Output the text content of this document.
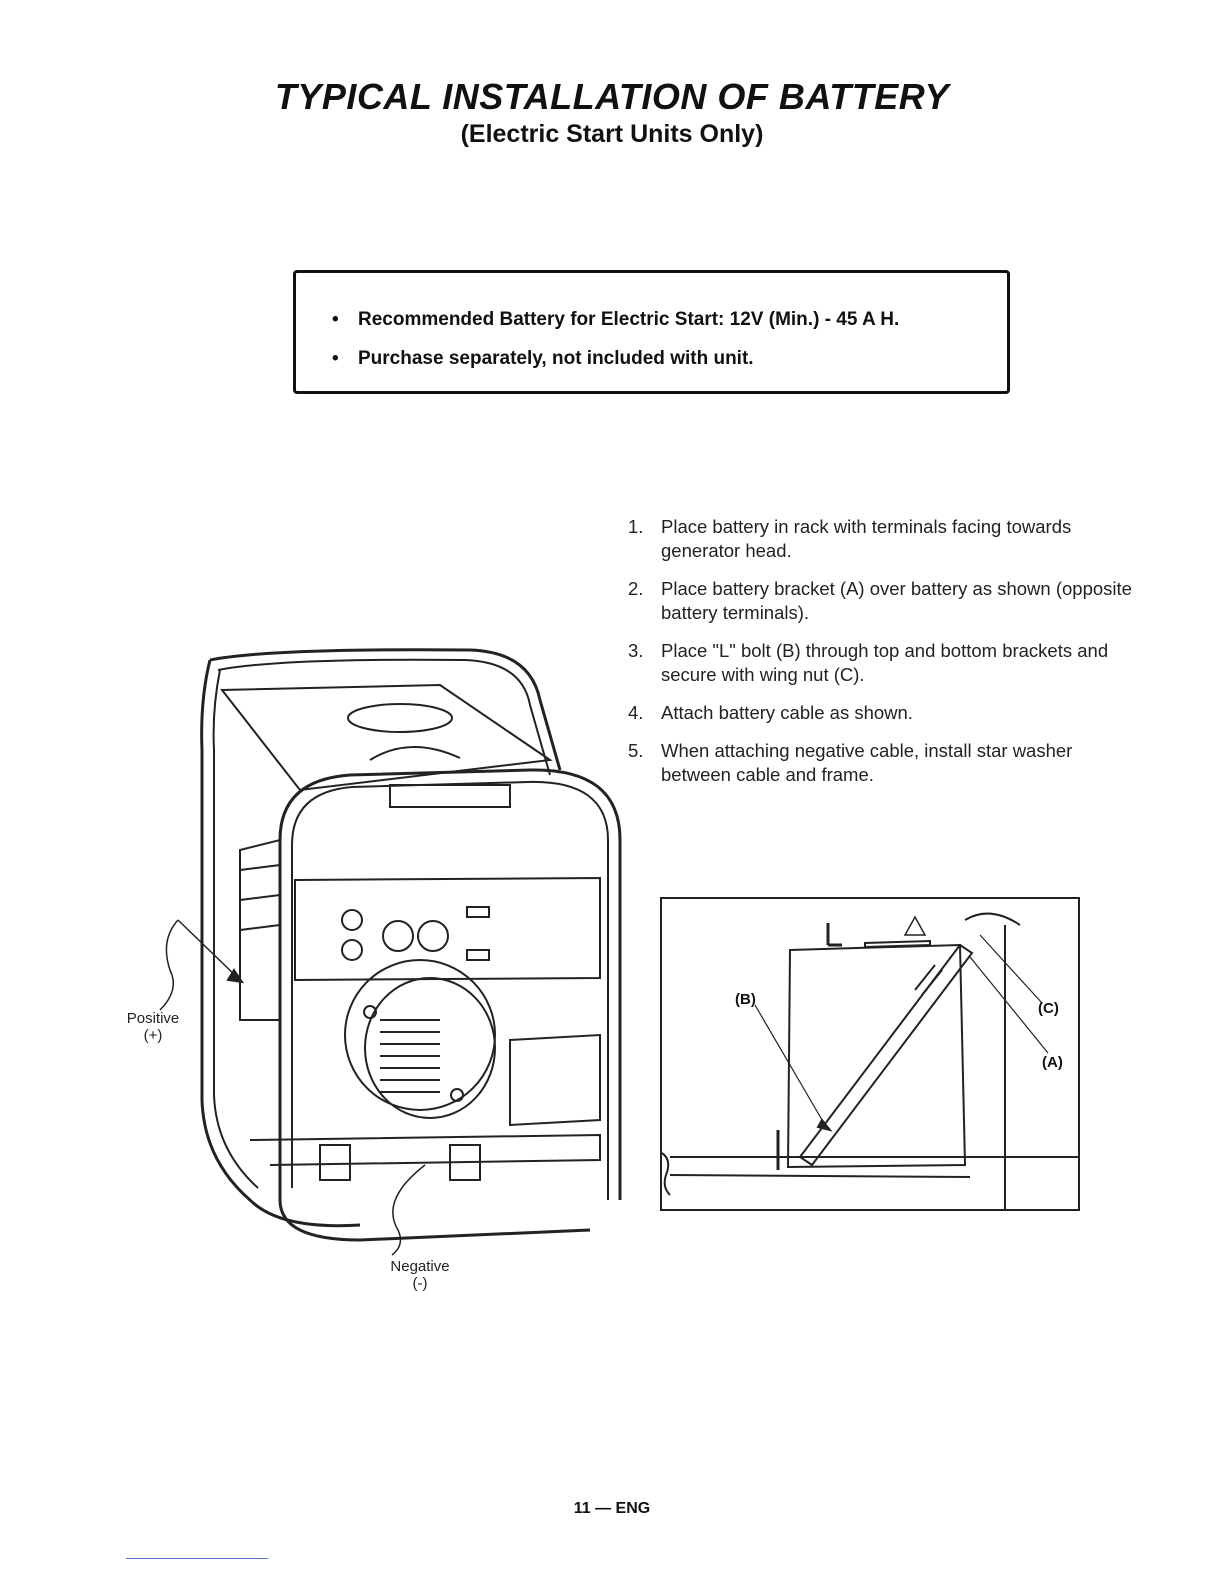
TYPICAL INSTALLATION OF BATTERY
(Electric Start Units Only)
• Recommended Battery for Electric Start: 12V (Min.) - 45 A H.
• Purchase separately, not included with unit.
1. Place battery in rack with terminals facing towards generator head.
2. Place battery bracket (A) over battery as shown (opposite battery terminals).
3. Place "L" bolt (B) through top and bottom brackets and secure with wing nut (C).
4. Attach battery cable as shown.
5. When attaching negative cable, install star washer between cable and frame.
Positive
(+)
Negative
(-)
(B)
(C)
(A)
11 — ENG
